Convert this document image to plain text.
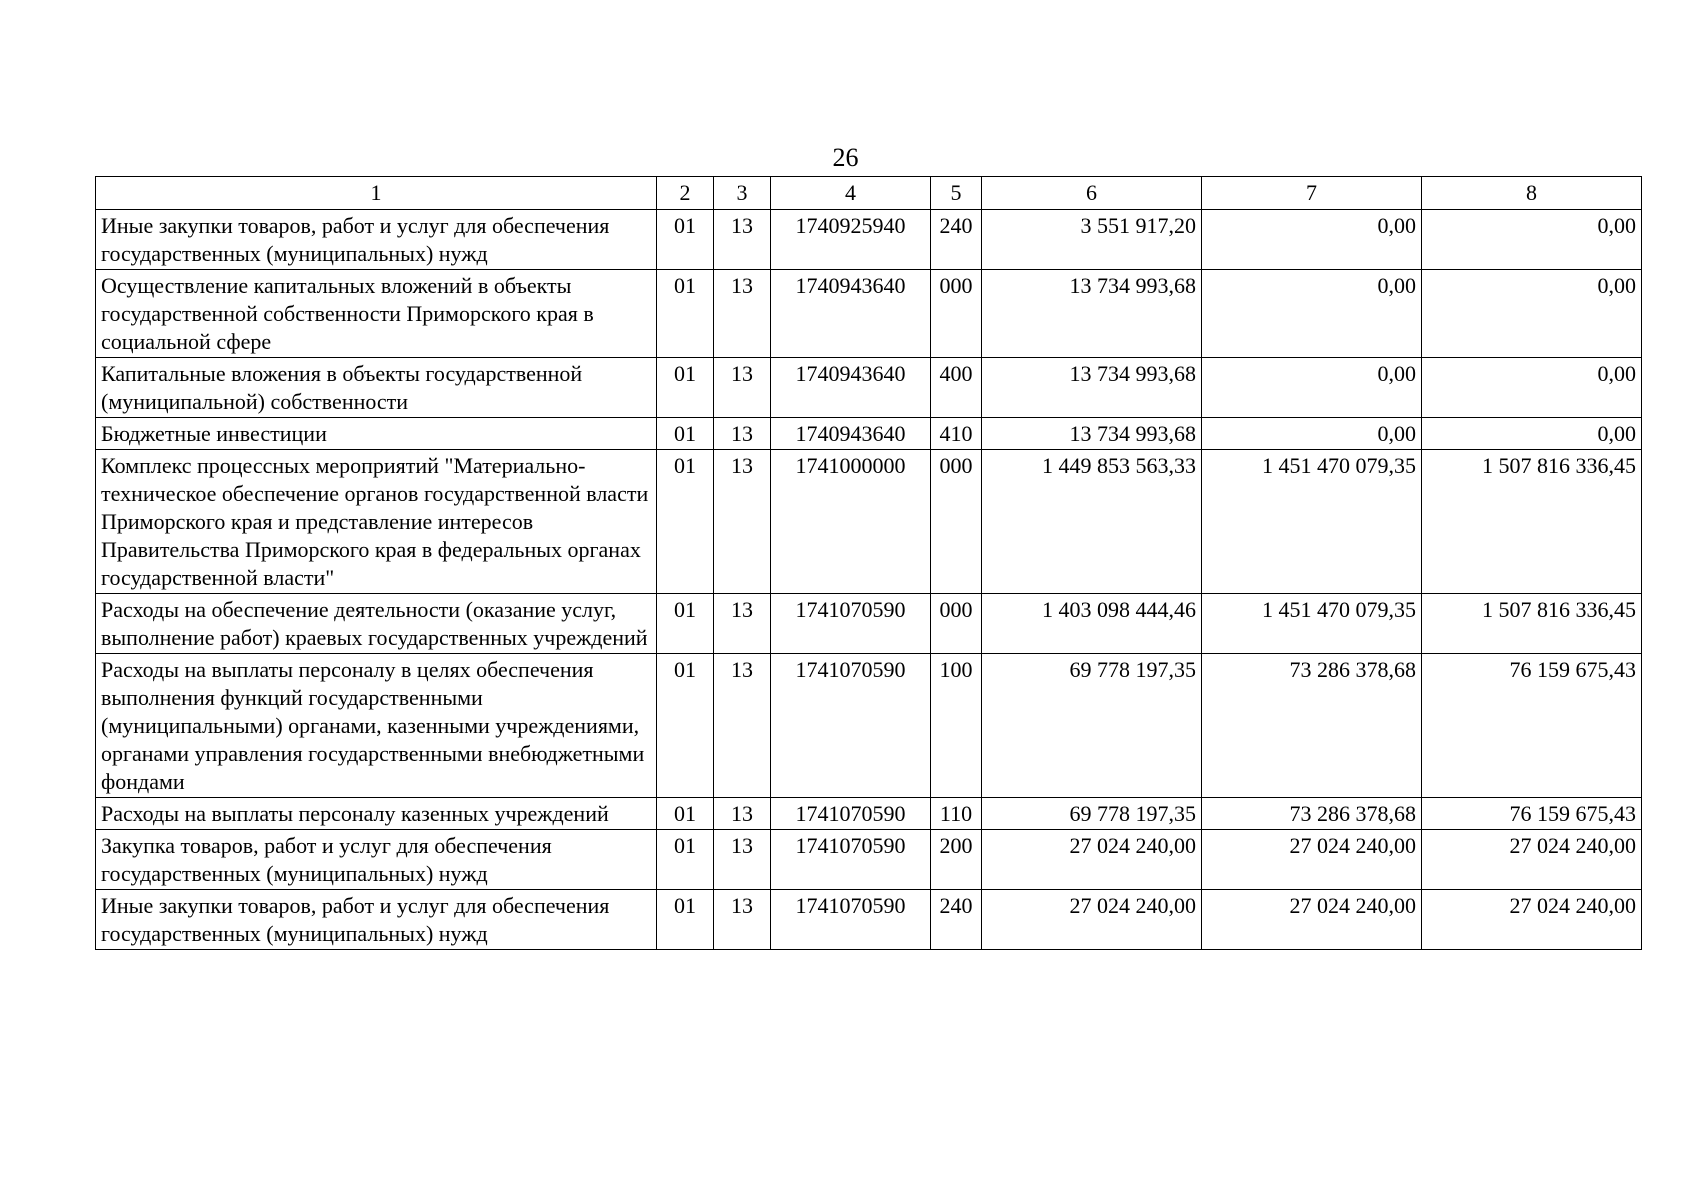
26
1	2	3	4	5	6	7	8
Иные закупки товаров, работ и услуг для обеспечения государственных (муниципальных) нужд	01	13	1740925940	240	3 551 917,20	0,00	0,00
Осуществление капитальных вложений в объекты государственной собственности Приморского края в социальной сфере	01	13	1740943640	000	13 734 993,68	0,00	0,00
Капитальные вложения в объекты государственной (муниципальной) собственности	01	13	1740943640	400	13 734 993,68	0,00	0,00
Бюджетные инвестиции	01	13	1740943640	410	13 734 993,68	0,00	0,00
Комплекс процессных мероприятий "Материально-техническое обеспечение органов государственной власти Приморского края и представление интересов Правительства Приморского края в федеральных органах государственной власти"	01	13	1741000000	000	1 449 853 563,33	1 451 470 079,35	1 507 816 336,45
Расходы на обеспечение деятельности (оказание услуг, выполнение работ) краевых государственных учреждений	01	13	1741070590	000	1 403 098 444,46	1 451 470 079,35	1 507 816 336,45
Расходы на выплаты персоналу в целях обеспечения выполнения функций государственными (муниципальными) органами, казенными учреждениями, органами управления государственными внебюджетными фондами	01	13	1741070590	100	69 778 197,35	73 286 378,68	76 159 675,43
Расходы на выплаты персоналу казенных учреждений	01	13	1741070590	110	69 778 197,35	73 286 378,68	76 159 675,43
Закупка товаров, работ и услуг для обеспечения государственных (муниципальных) нужд	01	13	1741070590	200	27 024 240,00	27 024 240,00	27 024 240,00
Иные закупки товаров, работ и услуг для обеспечения государственных (муниципальных) нужд	01	13	1741070590	240	27 024 240,00	27 024 240,00	27 024 240,00
